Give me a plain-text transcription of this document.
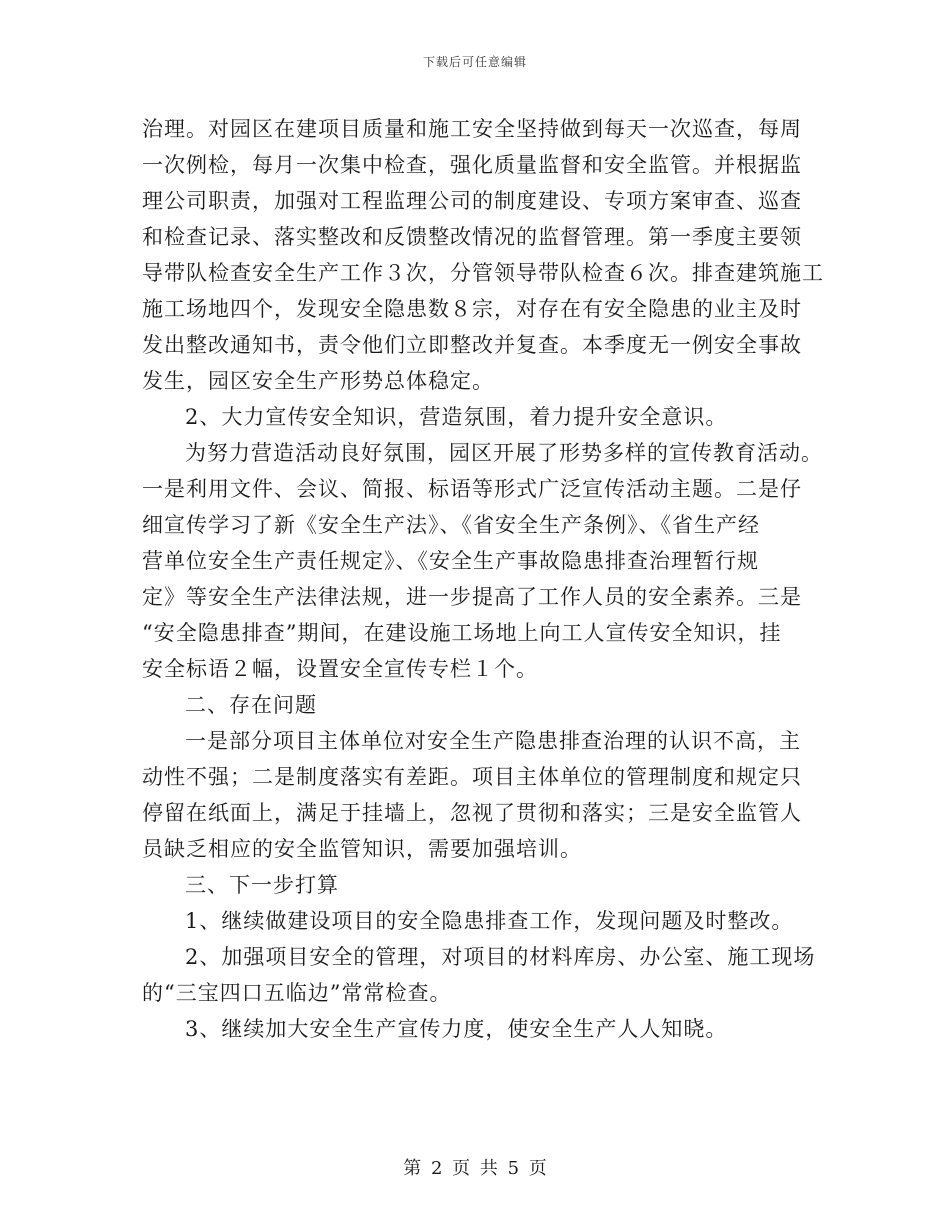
下载后可任意编辑
治理。对园区在建项目质量和施工安全坚持做到每天一次巡查，每周
一次例检，每月一次集中检查，强化质量监督和安全监管。并根据监
理公司职责，加强对工程监理公司的制度建设、专项方案审查、巡查
和检查记录、落实整改和反馈整改情况的监督管理。第一季度主要领
导带队检查安全生产工作３次，分管领导带队检查６次。排查建筑施工
施工场地四个，发现安全隐患数８宗，对存在有安全隐患的业主及时
发出整改通知书，责令他们立即整改并复查。本季度无一例安全事故
发生，园区安全生产形势总体稳定。
2、大力宣传安全知识，营造氛围，着力提升安全意识。
为努力营造活动良好氛围，园区开展了形势多样的宣传教育活动。
一是利用文件、会议、简报、标语等形式广泛宣传活动主题。二是仔
细宣传学习了新《安全生产法》、《省安全生产条例》、《省生产经
营单位安全生产责任规定》、《安全生产事故隐患排查治理暂行规
定》等安全生产法律法规，进一步提高了工作人员的安全素养。三是
“安全隐患排查”期间，在建设施工场地上向工人宣传安全知识，挂
安全标语２幅，设置安全宣传专栏１个。
二、存在问题
一是部分项目主体单位对安全生产隐患排查治理的认识不高，主
动性不强；二是制度落实有差距。项目主体单位的管理制度和规定只
停留在纸面上，满足于挂墙上，忽视了贯彻和落实；三是安全监管人
员缺乏相应的安全监管知识，需要加强培训。
三、下一步打算
1、继续做建设项目的安全隐患排查工作，发现问题及时整改。
2、加强项目安全的管理，对项目的材料库房、办公室、施工现场
的“三宝四口五临边”常常检查。
3、继续加大安全生产宣传力度，使安全生产人人知晓。
第 2 页 共 5 页
